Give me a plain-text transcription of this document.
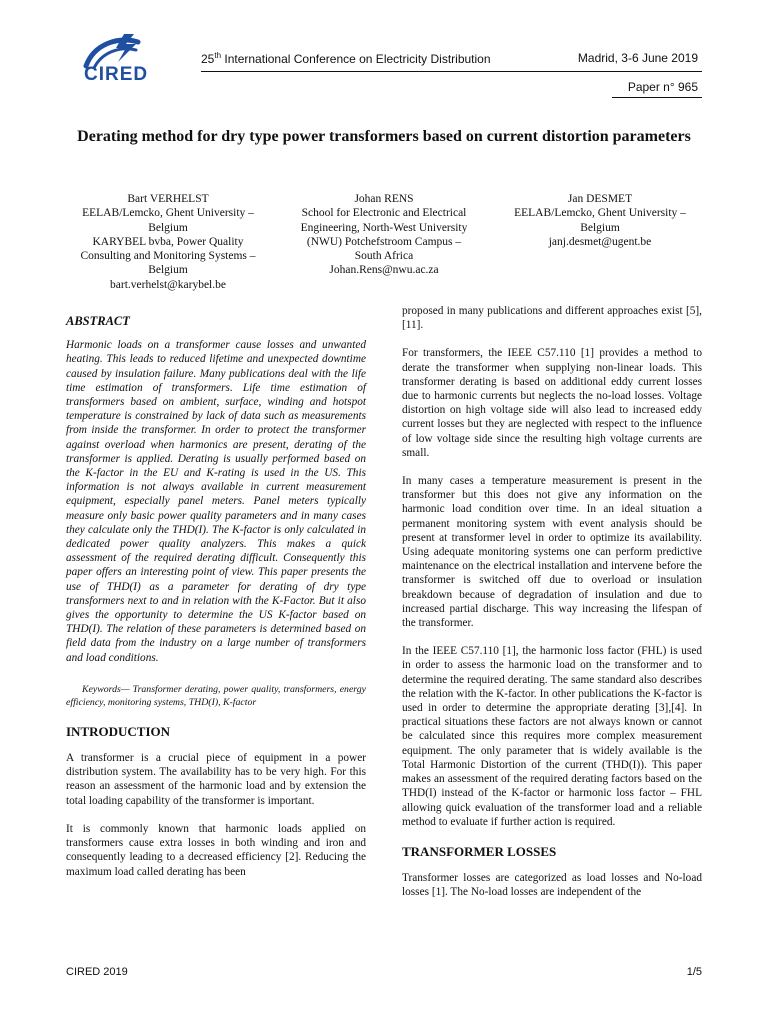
CIRED
25th International Conference on Electricity Distribution	Madrid, 3-6 June 2019
Paper n° 965
Derating method for dry type power transformers based on current distortion parameters
Bart VERHELST
EELAB/Lemcko, Ghent University –
Belgium
KARYBEL bvba, Power Quality
Consulting and Monitoring Systems –
Belgium
bart.verhelst@karybel.be
Johan RENS
School for Electronic and Electrical
Engineering, North-West University
(NWU) Potchefstroom Campus –
South Africa
Johan.Rens@nwu.ac.za
Jan DESMET
EELAB/Lemcko, Ghent University –
Belgium
janj.desmet@ugent.be
ABSTRACT

Harmonic loads on a transformer cause losses and unwanted heating. This leads to reduced lifetime and unexpected downtime caused by insulation failure. Many publications deal with the life time estimation of transformers. Life time estimation of transformers based on ambient, surface, winding and hotspot temperature is constrained by lack of data such as measurements from inside the transformer. In order to protect the transformer against overload when harmonics are present, derating of the transformer is applied. Derating is usually performed based on the K-factor in the EU and K-rating is used in the US. This information is not always available in current measurement equipment, especially panel meters. Panel meters typically measure only basic power quality parameters and in many cases they calculate only the THD(I). The K-factor is only calculated in dedicated power quality analyzers. This makes a quick assessment of the required derating difficult. Consequently this paper offers an interesting point of view. This paper presents the use of THD(I) as a parameter for derating of dry type transformers next to and in relation with the K-Factor. But it also gives the opportunity to determine the US K-factor based on THD(I). The relation of these parameters is determined based on field data from the industry on a large number of transformers and load conditions.

Keywords— Transformer derating, power quality, transformers, energy efficiency, monitoring systems, THD(I), K-factor

INTRODUCTION

A transformer is a crucial piece of equipment in a power distribution system. The availability has to be very high. For this reason an assessment of the harmonic load and by extension the total loading capability of the transformer is important.

It is commonly known that harmonic loads applied on transformers cause extra losses in both winding and iron and consequently leading to a decreased efficiency [2]. Reducing the maximum load called derating has been

proposed in many publications and different approaches exist [5],[11].

For transformers, the IEEE C57.110 [1] provides a method to derate the transformer when supplying non-linear loads. This transformer derating is based on additional eddy current losses due to harmonic currents but neglects the no-load losses. Voltage distortion on high voltage side will also lead to increased eddy current losses but they are neglected with respect to the influence of low voltage side since the resulting high voltage currents are small.

In many cases a temperature measurement is present in the transformer but this does not give any information on the harmonic load condition over time. In an ideal situation a permanent monitoring system with event analysis should be present at transformer level in order to optimize its availability. Using adequate monitoring systems one can perform predictive maintenance on the electrical installation and intervene before the transformer is switched off due to overload or insulation breakdown because of degradation of insulation and due to increased partial discharge. This way increasing the lifespan of the transformer.

In the IEEE C57.110 [1], the harmonic loss factor (FHL) is used in order to assess the harmonic load on the transformer and to determine the required derating. The same standard also describes the relation with the K-factor. In other publications the K-factor is used in order to determine the appropriate derating [3],[4]. In practical situations these factors are not always known or cannot be calculated since this requires more complex measurement equipment. The only parameter that is widely available is the Total Harmonic Distortion of the current (THD(I)). This paper makes an assessment of the required derating factors based on the THD(I) instead of the K-factor or harmonic loss factor – FHL allowing quick evaluation of the transformer load and a reliable method to evaluate if further action is required.

TRANSFORMER LOSSES

Transformer losses are categorized as load losses and No-load losses [1]. The No-load losses are independent of the

CIRED 2019	1/5
